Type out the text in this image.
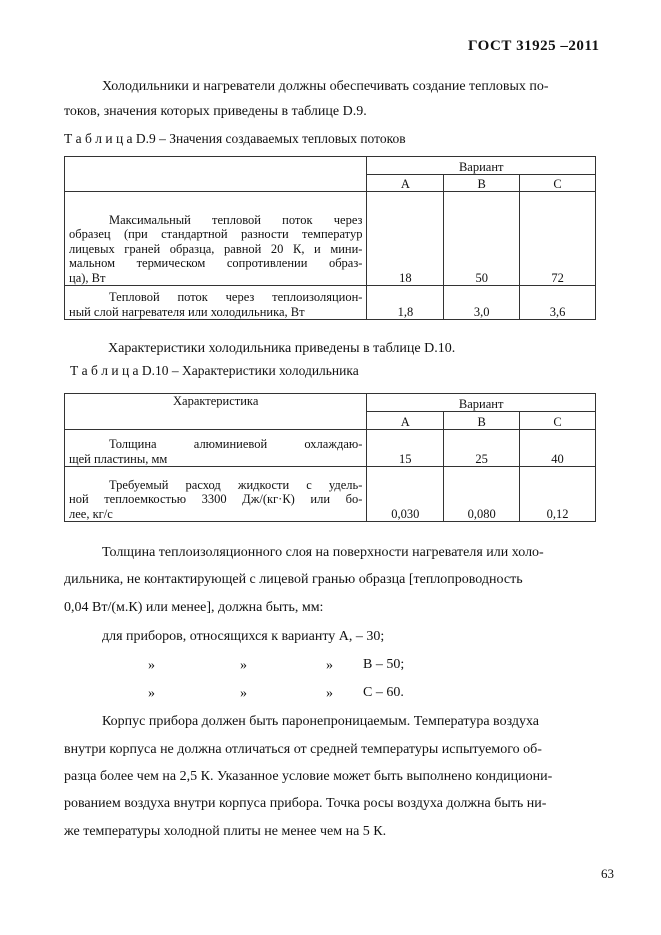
ГОСТ 31925 –2011
Холодильники и нагреватели должны обеспечивать создание тепловых по-
токов, значения которых приведены в таблице D.9.
Т а б л и ц а D.9 – Значения создаваемых тепловых потоков
	Вариант		
	А	В	С

Максимальный тепловой поток через
образец (при стандартной разности температур
лицевых граней образца, равной 20 К, и мини-
мальном термическом сопротивлении образ-
ца), Вт	18	50	72

Тепловой поток через теплоизоляцион-
ный слой нагревателя или холодильника, Вт	1,8	3,0	3,6
Характеристики холодильника приведены в таблице D.10.
Т а б л и ц а D.10 – Характеристики холодильника
Характеристика	Вариант		
	А	В	С

Толщина алюминиевой охлаждаю-
щей пластины, мм	15	25	40

Требуемый расход жидкости с удель-
ной теплоемкостью 3300 Дж/(кг·К) или бо-
лее, кг/с	0,030	0,080	0,12
Толщина теплоизоляционного слоя на поверхности нагревателя или холо-
дильника, не контактирующей с лицевой гранью образца [теплопроводность
0,04 Вт/(м.К) или менее], должна быть, мм:
для приборов, относящихся к варианту А, – 30;
»	»	» В – 50;
»	»	» С – 60.
Корпус прибора должен быть паронепроницаемым. Температура воздуха
внутри корпуса не должна отличаться от средней температуры испытуемого об-
разца более чем на 2,5 К. Указанное условие может быть выполнено кондициони-
рованием воздуха внутри корпуса прибора. Точка росы воздуха должна быть ни-
же температуры холодной плиты не менее чем на 5 К.
63
